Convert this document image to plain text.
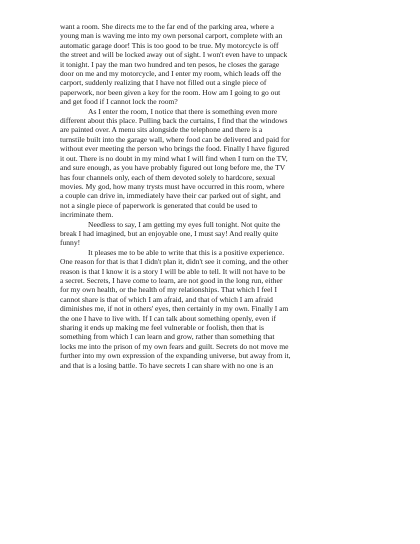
want a room. She directs me to the far end of the parking area, where a
young man is waving me into my own personal carport, complete with an
automatic garage door! This is too good to be true. My motorcycle is off
the street and will be locked away out of sight. I won't even have to unpack
it tonight. I pay the man two hundred and ten pesos, he closes the garage
door on me and my motorcycle, and I enter my room, which leads off the
carport, suddenly realizing that I have not filled out a single piece of
paperwork, nor been given a key for the room. How am I going to go out
and get food if I cannot lock the room?
As I enter the room, I notice that there is something even more
different about this place. Pulling back the curtains, I find that the windows
are painted over. A menu sits alongside the telephone and there is a
turnstile built into the garage wall, where food can be delivered and paid for
without ever meeting the person who brings the food. Finally I have figured
it out. There is no doubt in my mind what I will find when I turn on the TV,
and sure enough, as you have probably figured out long before me, the TV
has four channels only, each of them devoted solely to hardcore, sexual
movies. My god, how many trysts must have occurred in this room, where
a couple can drive in, immediately have their car parked out of sight, and
not a single piece of paperwork is generated that could be used to
incriminate them.
Needless to say, I am getting my eyes full tonight. Not quite the
break I had imagined, but an enjoyable one, I must say! And really quite
funny!
It pleases me to be able to write that this is a positive experience.
One reason for that is that I didn't plan it, didn't see it coming, and the other
reason is that I know it is a story I will be able to tell. It will not have to be
a secret. Secrets, I have come to learn, are not good in the long run, either
for my own health, or the health of my relationships. That which I feel I
cannot share is that of which I am afraid, and that of which I am afraid
diminishes me, if not in others' eyes, then certainly in my own. Finally I am
the one I have to live with. If I can talk about something openly, even if
sharing it ends up making me feel vulnerable or foolish, then that is
something from which I can learn and grow, rather than something that
locks me into the prison of my own fears and guilt. Secrets do not move me
further into my own expression of the expanding universe, but away from it,
and that is a losing battle. To have secrets I can share with no one is an
